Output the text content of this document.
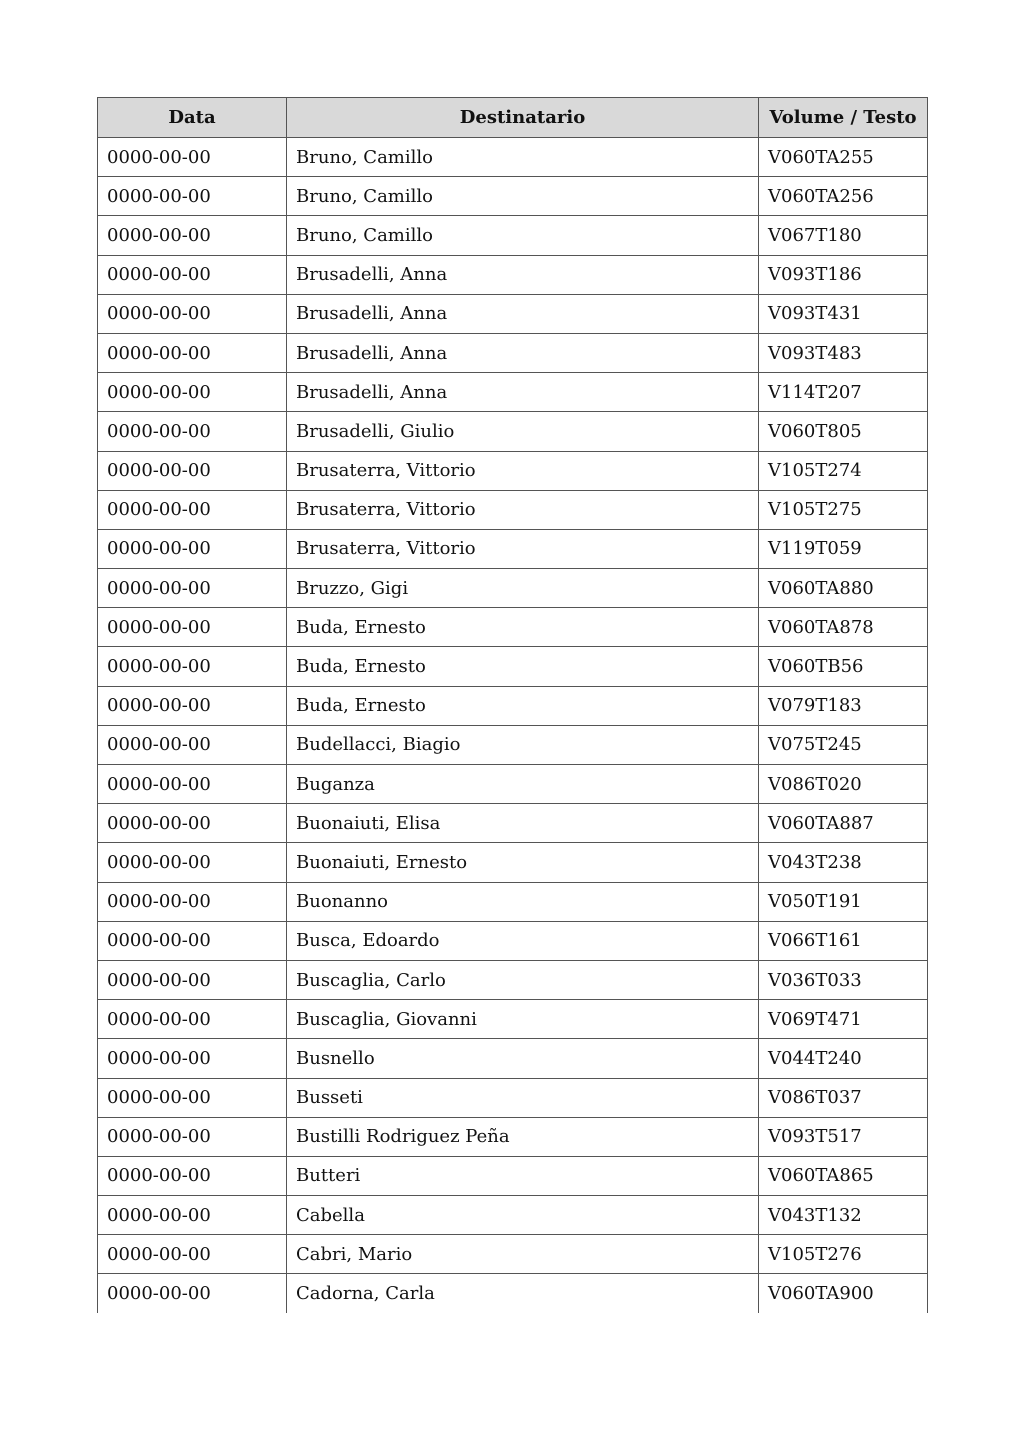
Data	Destinatario	Volume / Testo
0000-00-00	Bruno, Camillo	V060TA255
0000-00-00	Bruno, Camillo	V060TA256
0000-00-00	Bruno, Camillo	V067T180
0000-00-00	Brusadelli, Anna	V093T186
0000-00-00	Brusadelli, Anna	V093T431
0000-00-00	Brusadelli, Anna	V093T483
0000-00-00	Brusadelli, Anna	V114T207
0000-00-00	Brusadelli, Giulio	V060T805
0000-00-00	Brusaterra, Vittorio	V105T274
0000-00-00	Brusaterra, Vittorio	V105T275
0000-00-00	Brusaterra, Vittorio	V119T059
0000-00-00	Bruzzo, Gigi	V060TA880
0000-00-00	Buda, Ernesto	V060TA878
0000-00-00	Buda, Ernesto	V060TB56
0000-00-00	Buda, Ernesto	V079T183
0000-00-00	Budellacci, Biagio	V075T245
0000-00-00	Buganza	V086T020
0000-00-00	Buonaiuti, Elisa	V060TA887
0000-00-00	Buonaiuti, Ernesto	V043T238
0000-00-00	Buonanno	V050T191
0000-00-00	Busca, Edoardo	V066T161
0000-00-00	Buscaglia, Carlo	V036T033
0000-00-00	Buscaglia, Giovanni	V069T471
0000-00-00	Busnello	V044T240
0000-00-00	Busseti	V086T037
0000-00-00	Bustilli Rodriguez Peña	V093T517
0000-00-00	Butteri	V060TA865
0000-00-00	Cabella	V043T132
0000-00-00	Cabri, Mario	V105T276
0000-00-00	Cadorna, Carla	V060TA900
